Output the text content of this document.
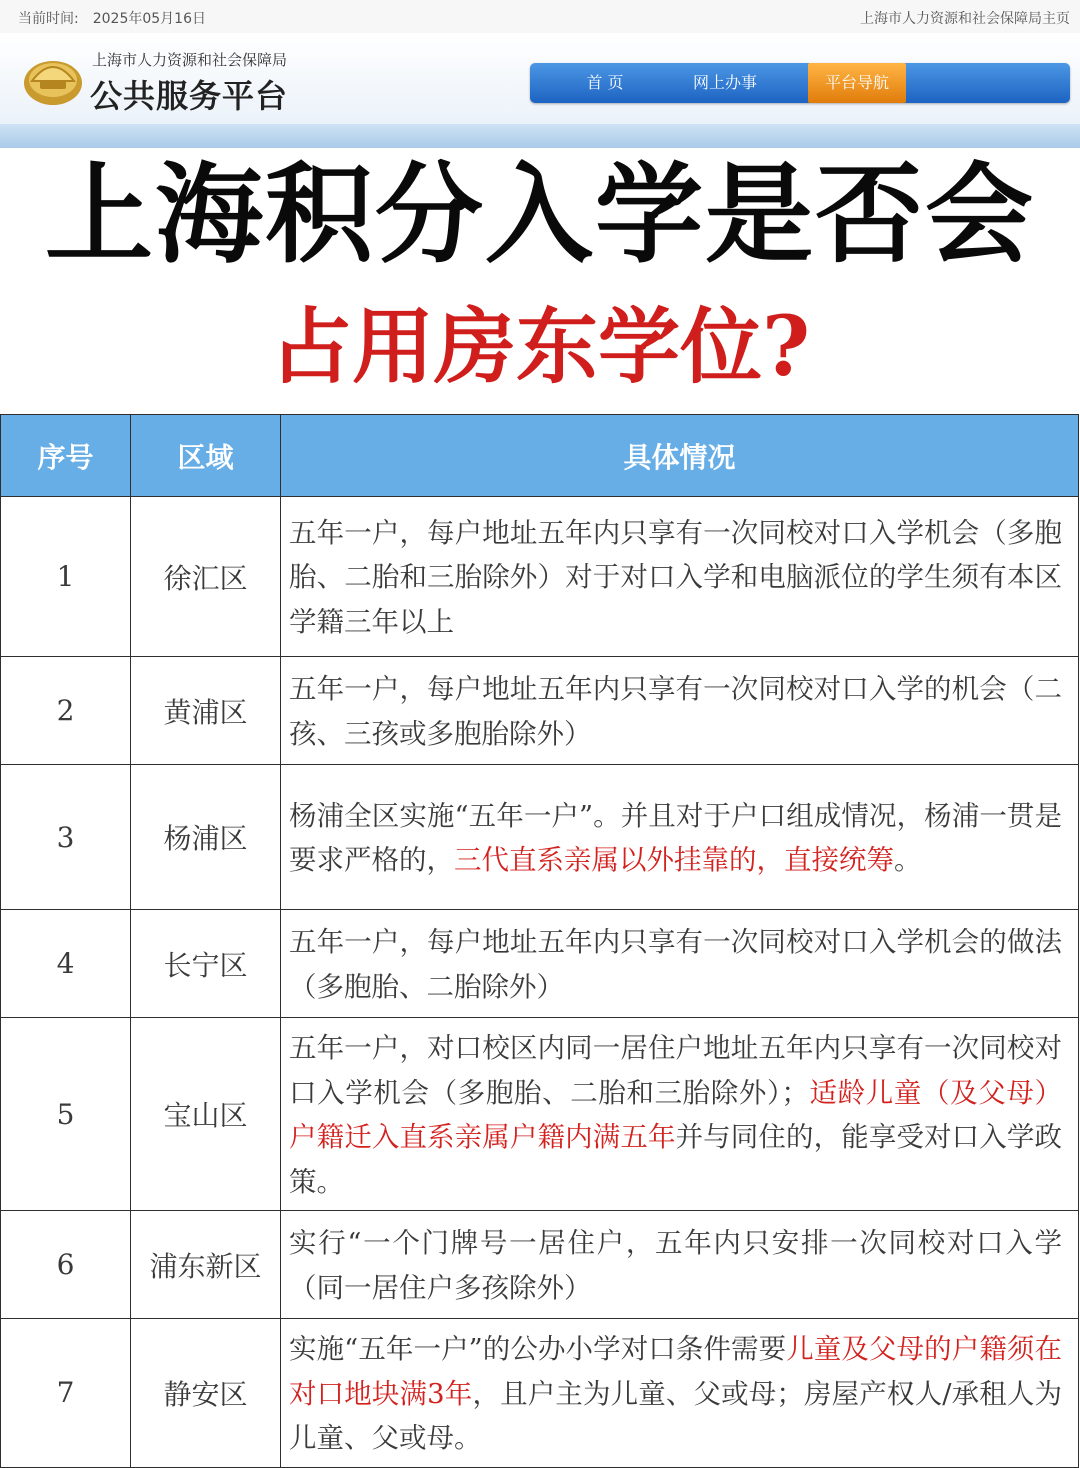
当前时间: 2025年05月16日	上海市人力资源和社会保障局主页
上海市人力资源和社会保障局
公共服务平台	首 页	网上办事	平台导航
上海积分入学是否会
占用房东学位?
序号	区域	具体情况
1	徐汇区	五年一户，每户地址五年内只享有一次同校对口入学机会（多胞胎、二胎和三胎除外）对于对口入学和电脑派位的学生须有本区学籍三年以上
2	黄浦区	五年一户，每户地址五年内只享有一次同校对口入学的机会（二孩、三孩或多胞胎除外）
3	杨浦区	杨浦全区实施“五年一户”。并且对于户口组成情况，杨浦一贯是要求严格的，三代直系亲属以外挂靠的，直接统筹。
4	长宁区	五年一户，每户地址五年内只享有一次同校对口入学机会的做法（多胞胎、二胎除外）
5	宝山区	五年一户，对口校区内同一居住户地址五年内只享有一次同校对口入学机会（多胞胎、二胎和三胎除外）；适龄儿童（及父母）户籍迁入直系亲属户籍内满五年并与同住的，能享受对口入学政策。
6	浦东新区	实行“一个门牌号一居住户，五年内只安排一次同校对口入学（同一居住户多孩除外）
7	静安区	实施“五年一户”的公办小学对口条件需要儿童及父母的户籍须在对口地块满3年，且户主为儿童、父或母；房屋产权人/承租人为儿童、父或母。
